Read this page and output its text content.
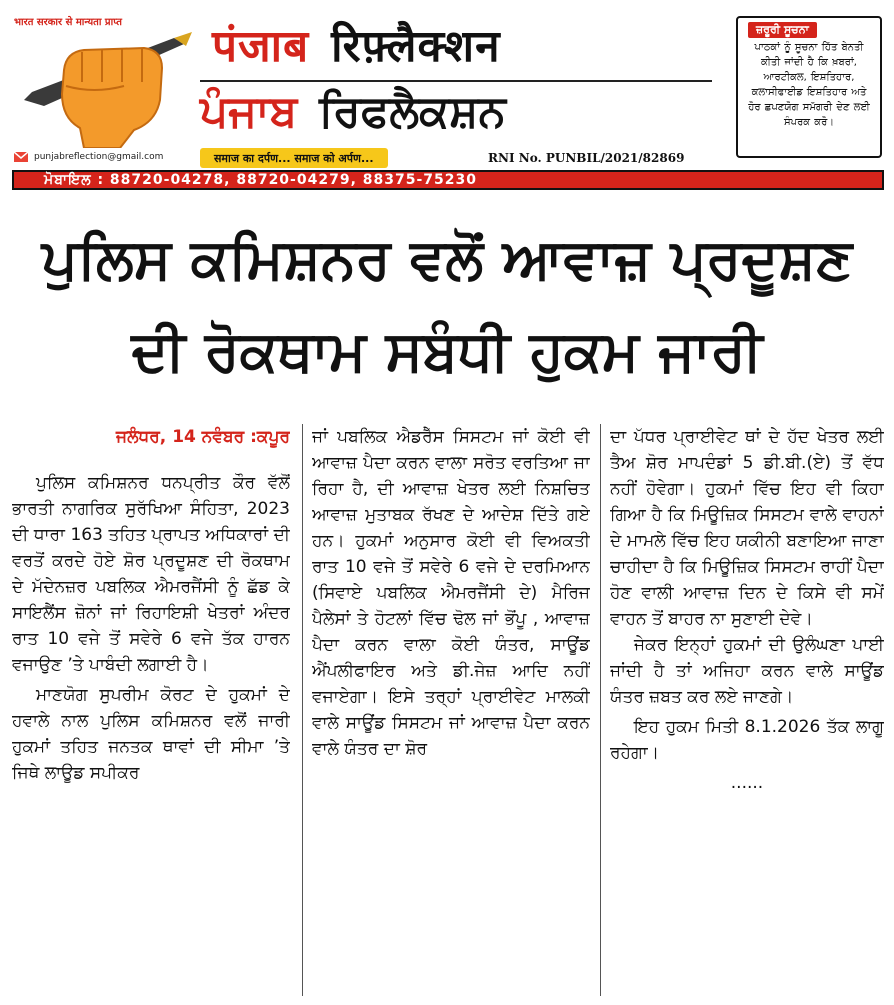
भारत सरकार से मान्यता प्राप्त
punjabreflection@gmail.com
पंजाब रिफ़्लैक्शन
ਪੰਜਾਬ ਰਿਫਲੈਕਸ਼ਨ
समाज का दर्पण... समाज को अर्पण...	RNI No. PUNBIL/2021/82869
ਜ਼ਰੂਰੀ ਸੂਚਨਾ
ਪਾਠਕਾਂ ਨੂੰ ਸੂਚਨਾ ਹਿੱਤ ਬੇਨਤੀ ਕੀਤੀ ਜਾਂਦੀ ਹੈ ਕਿ ਖ਼ਬਰਾਂ, ਆਰਟੀਕਲ, ਇਸ਼ਤਿਹਾਰ, ਕਲਾਸੀਫਾਈਡ ਇਸ਼ਤਿਹਾਰ ਅਤੇ ਹੋਰ ਛਪਣਯੋਗ ਸਮੱਗਰੀ ਦੇਣ ਲਈ ਸੰਪਰਕ ਕਰੋ।
ਮੋਬਾਇਲ : 88720-04278, 88720-04279, 88375-75230
ਪੁਲਿਸ ਕਮਿਸ਼ਨਰ ਵਲੋਂ ਆਵਾਜ਼ ਪ੍ਰਦੂਸ਼ਣ
ਦੀ ਰੋਕਥਾਮ ਸਬੰਧੀ ਹੁਕਮ ਜਾਰੀ
ਜਲੰਧਰ, 14 ਨਵੰਬਰ :ਕਪੂਰ

ਪੁਲਿਸ ਕਮਿਸ਼ਨਰ ਧਨਪ੍ਰੀਤ ਕੌਰ ਵੱਲੋਂ ਭਾਰਤੀ ਨਾਗਰਿਕ ਸੁਰੱਖਿਆ ਸੰਹਿਤਾ, 2023 ਦੀ ਧਾਰਾ 163 ਤਹਿਤ ਪ੍ਰਾਪਤ ਅਧਿਕਾਰਾਂ ਦੀ ਵਰਤੋਂ ਕਰਦੇ ਹੋਏ ਸ਼ੋਰ ਪ੍ਰਦੂਸ਼ਣ ਦੀ ਰੋਕਥਾਮ ਦੇ ਮੱਦੇਨਜ਼ਰ ਪਬਲਿਕ ਐਮਰਜੈਂਸੀ ਨੂੰ ਛੱਡ ਕੇ ਸਾਇਲੈਂਸ ਜ਼ੋਨਾਂ ਜਾਂ ਰਿਹਾਇਸ਼ੀ ਖੇਤਰਾਂ ਅੰਦਰ ਰਾਤ 10 ਵਜੇ ਤੋਂ ਸਵੇਰੇ 6 ਵਜੇ ਤੱਕ ਹਾਰਨ ਵਜਾਉਣ ’ਤੇ ਪਾਬੰਦੀ ਲਗਾਈ ਹੈ।

ਮਾਣਯੋਗ ਸੁਪਰੀਮ ਕੋਰਟ ਦੇ ਹੁਕਮਾਂ ਦੇ ਹਵਾਲੇ ਨਾਲ ਪੁਲਿਸ ਕਮਿਸ਼ਨਰ ਵਲੋਂ ਜਾਰੀ ਹੁਕਮਾਂ ਤਹਿਤ ਜਨਤਕ ਥਾਵਾਂ ਦੀ ਸੀਮਾ ’ਤੇ ਜਿਥੇ ਲਾਊਡ ਸਪੀਕਰ

ਜਾਂ ਪਬਲਿਕ ਐਡਰੈੱਸ ਸਿਸਟਮ ਜਾਂ ਕੋਈ ਵੀ ਆਵਾਜ਼ ਪੈਦਾ ਕਰਨ ਵਾਲਾ ਸਰੋਤ ਵਰਤਿਆ ਜਾ ਰਿਹਾ ਹੈ, ਦੀ ਆਵਾਜ਼ ਖੇਤਰ ਲਈ ਨਿਸ਼ਚਿਤ ਆਵਾਜ਼ ਮੁਤਾਬਕ ਰੱਖਣ ਦੇ ਆਦੇਸ਼ ਦਿੱਤੇ ਗਏ ਹਨ। ਹੁਕਮਾਂ ਅਨੁਸਾਰ ਕੋਈ ਵੀ ਵਿਅਕਤੀ ਰਾਤ 10 ਵਜੇ ਤੋਂ ਸਵੇਰੇ 6 ਵਜੇ ਦੇ ਦਰਮਿਆਨ (ਸਿਵਾਏ ਪਬਲਿਕ ਐਮਰਜੈਂਸੀ ਦੇ) ਮੈਰਿਜ ਪੈਲੇਸਾਂ ਤੇ ਹੋਟਲਾਂ ਵਿੱਚ ਢੋਲ ਜਾਂ ਭੋਂਪੂ , ਆਵਾਜ਼ ਪੈਦਾ ਕਰਨ ਵਾਲਾ ਕੋਈ ਯੰਤਰ, ਸਾਊਂਡ ਐਂਪਲੀਫਾਇਰ ਅਤੇ ਡੀ.ਜੇਜ਼ ਆਦਿ ਨਹੀਂ ਵਜਾਏਗਾ। ਇਸੇ ਤਰ੍ਹਾਂ ਪ੍ਰਾਈਵੇਟ ਮਾਲਕੀ ਵਾਲੇ ਸਾਊਂਡ ਸਿਸਟਮ ਜਾਂ ਆਵਾਜ਼ ਪੈਦਾ ਕਰਨ ਵਾਲੇ ਯੰਤਰ ਦਾ ਸ਼ੋਰ

ਦਾ ਪੱਧਰ ਪ੍ਰਾਈਵੇਟ ਥਾਂ ਦੇ ਹੱਦ ਖੇਤਰ ਲਈ ਤੈਅ ਸ਼ੋਰ ਮਾਪਦੰਡਾਂ 5 ਡੀ.ਬੀ.(ਏ) ਤੋਂ ਵੱਧ ਨਹੀਂ ਹੋਵੇਗਾ। ਹੁਕਮਾਂ ਵਿੱਚ ਇਹ ਵੀ ਕਿਹਾ ਗਿਆ ਹੈ ਕਿ ਮਿਊਜ਼ਿਕ ਸਿਸਟਮ ਵਾਲੇ ਵਾਹਨਾਂ ਦੇ ਮਾਮਲੇ ਵਿੱਚ ਇਹ ਯਕੀਨੀ ਬਣਾਇਆ ਜਾਣਾ ਚਾਹੀਦਾ ਹੈ ਕਿ ਮਿਊਜ਼ਿਕ ਸਿਸਟਮ ਰਾਹੀਂ ਪੈਦਾ ਹੋਣ ਵਾਲੀ ਆਵਾਜ਼ ਦਿਨ ਦੇ ਕਿਸੇ ਵੀ ਸਮੇਂ ਵਾਹਨ ਤੋਂ ਬਾਹਰ ਨਾ ਸੁਣਾਈ ਦੇਵੇ।

ਜੇਕਰ ਇਨ੍ਹਾਂ ਹੁਕਮਾਂ ਦੀ ਉਲੰਘਣਾ ਪਾਈ ਜਾਂਦੀ ਹੈ ਤਾਂ ਅਜਿਹਾ ਕਰਨ ਵਾਲੇ ਸਾਊਂਡ ਯੰਤਰ ਜ਼ਬਤ ਕਰ ਲਏ ਜਾਣਗੇ।

ਇਹ ਹੁਕਮ ਮਿਤੀ 8.1.2026 ਤੱਕ ਲਾਗੂ ਰਹੇਗਾ।

......
